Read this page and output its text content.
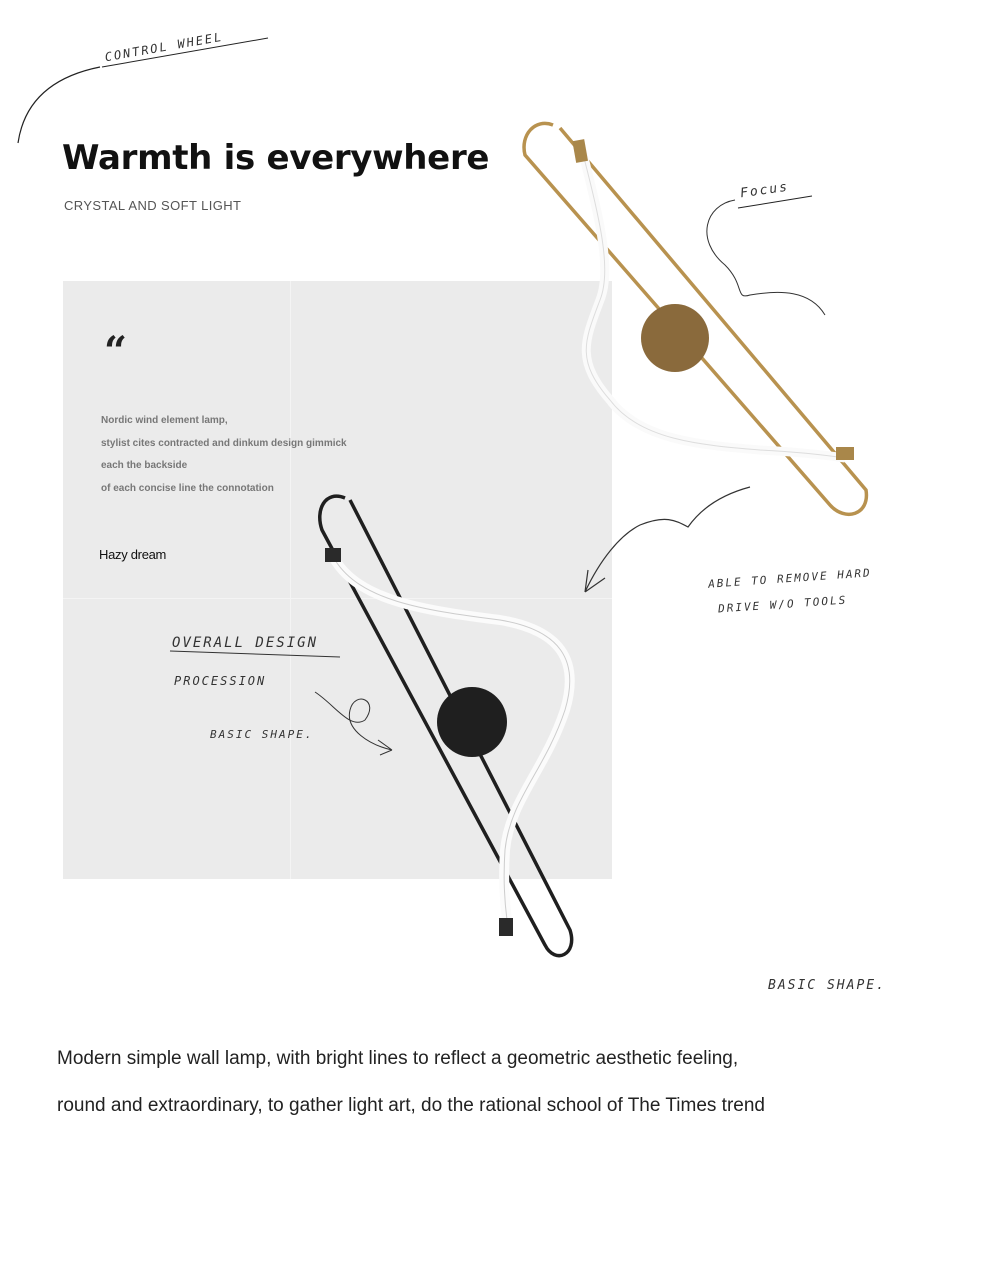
CONTROL WHEEL
Warmth is everywhere
CRYSTAL AND SOFT LIGHT
Focus
“
Nordic wind element lamp,
stylist cites contracted and dinkum design gimmick
each the backside
of each concise line the connotation
Hazy dream
ABLE TO REMOVE HARD
DRIVE W/O TOOLS
OVERALL DESIGN
PROCESSION
BASIC SHAPE.
BASIC SHAPE.
Modern simple wall lamp, with bright lines to reflect a geometric aesthetic feeling,
round and extraordinary, to gather light art, do the rational school of The Times trend
